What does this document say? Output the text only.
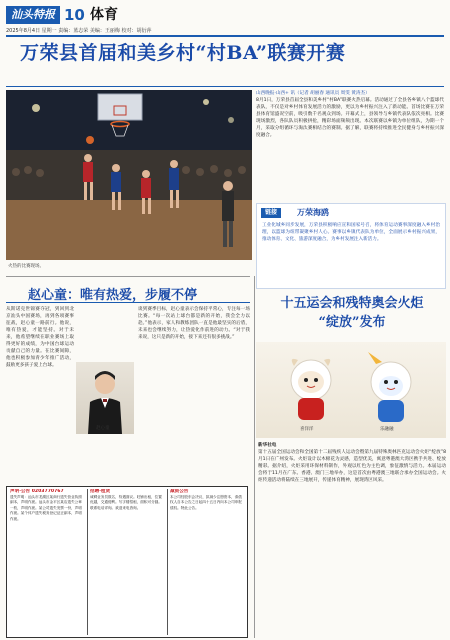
汕头特报 10 体育
2025年8月4日 星期一 责编：蓝志荣 美编：王丽梅 校对：胡衍萍
万荣县首届和美乡村“村BA”联赛开赛
火热的比赛现场。
山西晚报·山西+ 讯（记者 胡丽春 通讯员 周雯 黄涛杰）
8月1日，万荣县首届全县和美乡村“村BA”联赛火热启幕。活动通过了全县各乡镇八个篮球代表队，不仅是对乡村体育发展活力的激励，更以为乡村振兴注入了新动能。首场比赛在万荣县体育馆盛况空前，吸引数千名观众到场。开幕式上，县领导与乡镇代表队依次亮相。比赛现场激烈，各队队员积极拼抢，精彩场面频频出现。本次联赛以乡镇为单位组队，为期一个月，采取分组循环与淘汰赛相结合的赛制。据了解，联赛将持续推进全民健身与乡村振兴深度融合。
链接	万荣海鸥
工业化城乡同步发展，万荣县积极响应宣和国家号召，将体育运动赛事深度融入乡村治理，以篮球为纽带凝聚乡村人心。赛事以乡镇代表队为单位，全面展示乡村振兴成果，推动体育、文化、旅游深度融合，为乡村发展注入新活力。
赵心童：唯有热爱，步履不停
从斯诺克世锦赛夺冠，到回到北京汕头中国赛场，再到各项赛事征战，赵心童一路前行。他说，唯有热爱，才能坚持。对于未来，他希望继续在职业赛场上取得更好的成绩，为中国台球运动贡献自己的力量。在比赛间隙，他也积极参加青少年推广活动，鼓励更多孩子爱上台球。
赵心童
谈到赛季目标，赵心童表示会保持平常心，专注每一场比赛。“每一次站上球台都是新的开始，我会全力以赴。”他表示，家人和教练团队一直是他最坚实的后盾，未来也会继续努力，让热爱化作前进的动力。“对于我来说，这只是新的开始，接下来还有很多挑战。”
十五运会和残特奥会火炬
“绽放”发布
喜洋洋	乐融融
新华社电
第十五届全国运动会和全国第十二届残疾人运动会暨第九届特殊奥林匹克运动会火炬“绽放”8月1日在广州发布。火炬设计以木棉花为灵感，造型优美，寓意粤港澳大湾区携手共进、绽放精彩。据介绍，火炬采用环保材料制作，外观以红色为主色调，象征激情与活力。本届运动会将于11月在广东、香港、澳门三地举办，这是首次由粤港澳三地联合承办全国运动会。火炬传递活动将陆续在三地展开，传递体育精神，展现湾区风采。
声明·公告 0203770767
遗失声明：汕头市龙湖区某商行遗失营业执照副本，声明作废。汕头市金平区某店遗失公章一枚，声明作废。某公司遗失发票一份，声明作废。某个体户遗失税务登记证正副本，声明作废。
招聘·租赁
诚聘业务员数名，待遇面议。旺铺出租，位置优越，交通便利。写字楼招租，面积可分割。联系电话详询。欢迎来电咨询。
减资公告
本公司经股东会决议，拟减少注册资本，请债权人自本公告之日起四十五日内向本公司申报债权。特此公告。
